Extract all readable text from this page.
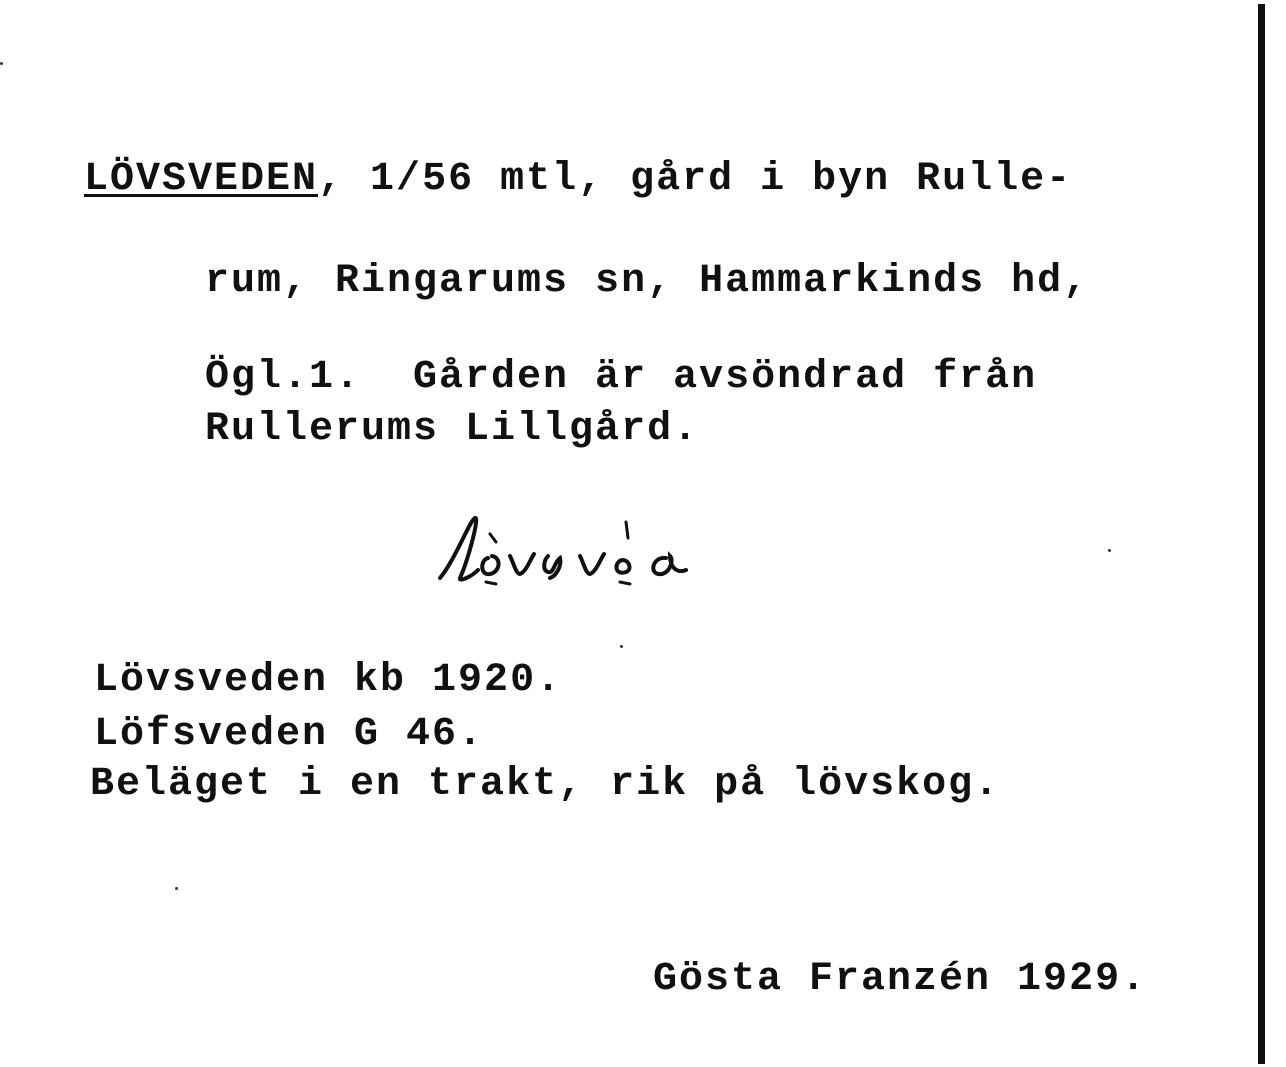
LÖVSVEDEN, 1/56 mtl, gård i byn Rulle-
rum, Ringarums sn, Hammarkinds hd,
Ögl.1.  Gården är avsöndrad från
Rullerums Lillgård.
Lövsveden kb 1920.
Löfsveden G 46.
Beläget i en trakt, rik på lövskog.
Gösta Franzén 1929.
